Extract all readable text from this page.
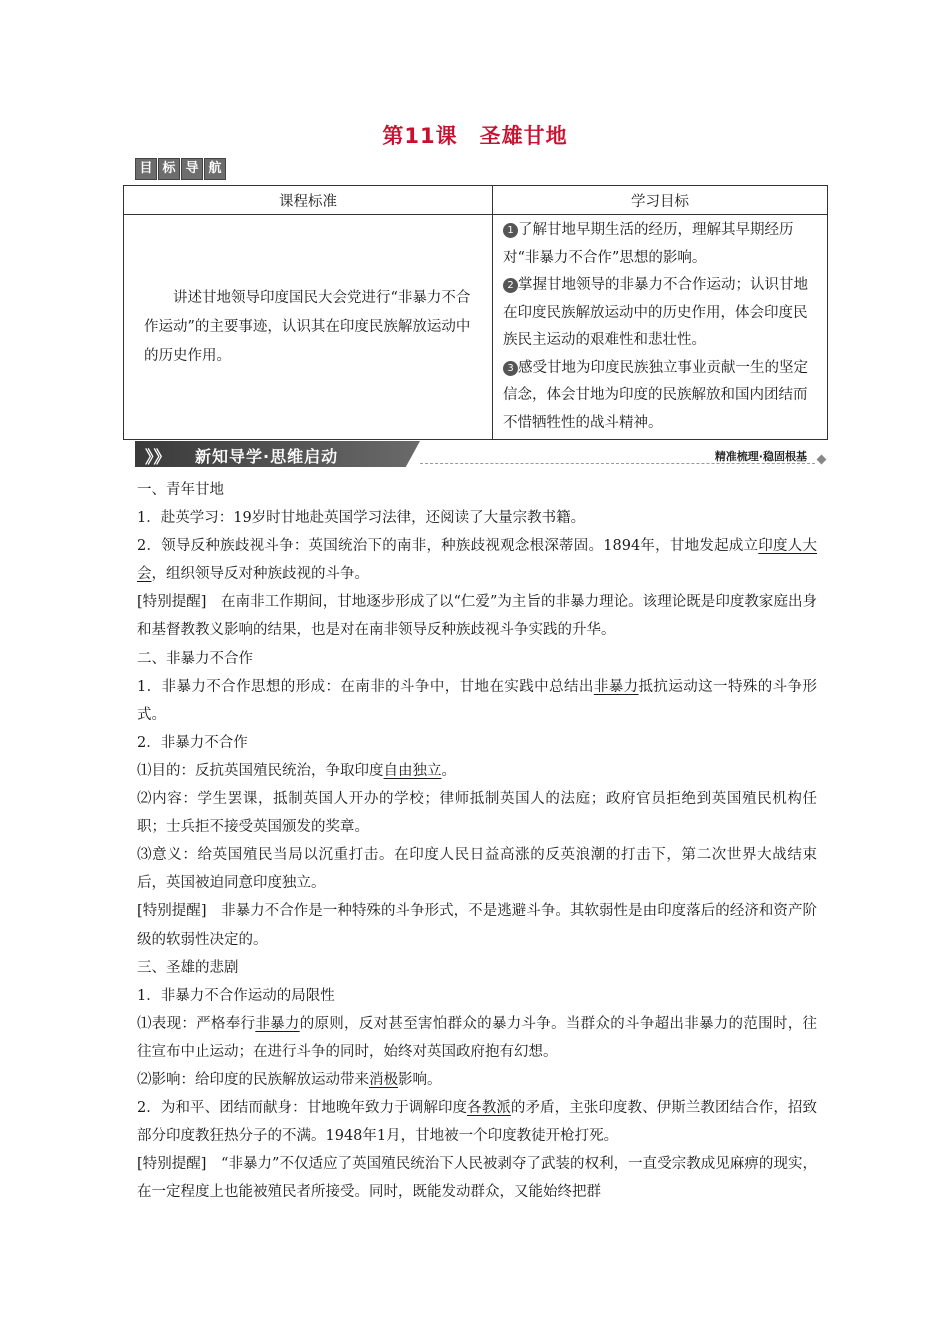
第11课　圣雄甘地
目 标 导 航
课程标准	学习目标
讲述甘地领导印度国民大会党进行“非暴力不合作运动”的主要事迹，认识其在印度民族解放运动中的历史作用。	1 了解甘地早期生活的经历，理解其早期经历对“非暴力不合作”思想的影响。
2 掌握甘地领导的非暴力不合作运动；认识甘地在印度民族解放运动中的历史作用，体会印度民族民主运动的艰难性和悲壮性。
3 感受甘地为印度民族独立事业贡献一生的坚定信念，体会甘地为印度的民族解放和国内团结而不惜牺牲性的战斗精神。
》》 新知导学·思维启动	精准梳理·稳固根基

一、青年甘地

1．赴英学习：19岁时甘地赴英国学习法律，还阅读了大量宗教书籍。

2．领导反种族歧视斗争：英国统治下的南非，种族歧视观念根深蒂固。1894年，甘地发起成立印度人大会，组织领导反对种族歧视的斗争。

[特别提醒]　在南非工作期间，甘地逐步形成了以“仁爱”为主旨的非暴力理论。该理论既是印度教家庭出身和基督教教义影响的结果，也是对在南非领导反种族歧视斗争实践的升华。

二、非暴力不合作

1．非暴力不合作思想的形成：在南非的斗争中，甘地在实践中总结出非暴力抵抗运动这一特殊的斗争形式。

2．非暴力不合作

⑴目的：反抗英国殖民统治，争取印度自由独立。

⑵内容：学生罢课，抵制英国人开办的学校；律师抵制英国人的法庭；政府官员拒绝到英国殖民机构任职；士兵拒不接受英国颁发的奖章。

⑶意义：给英国殖民当局以沉重打击。在印度人民日益高涨的反英浪潮的打击下，第二次世界大战结束后，英国被迫同意印度独立。

[特别提醒]　非暴力不合作是一种特殊的斗争形式，不是逃避斗争。其软弱性是由印度落后的经济和资产阶级的软弱性决定的。

三、圣雄的悲剧

1．非暴力不合作运动的局限性

⑴表现：严格奉行非暴力的原则，反对甚至害怕群众的暴力斗争。当群众的斗争超出非暴力的范围时，往往宣布中止运动；在进行斗争的同时，始终对英国政府抱有幻想。

⑵影响：给印度的民族解放运动带来消极影响。

2．为和平、团结而献身：甘地晚年致力于调解印度各教派的矛盾，主张印度教、伊斯兰教团结合作，招致部分印度教狂热分子的不满。1948年1月，甘地被一个印度教徒开枪打死。

[特别提醒]　“非暴力”不仅适应了英国殖民统治下人民被剥夺了武装的权利，一直受宗教成见麻痹的现实，在一定程度上也能被殖民者所接受。同时，既能发动群众，又能始终把群
